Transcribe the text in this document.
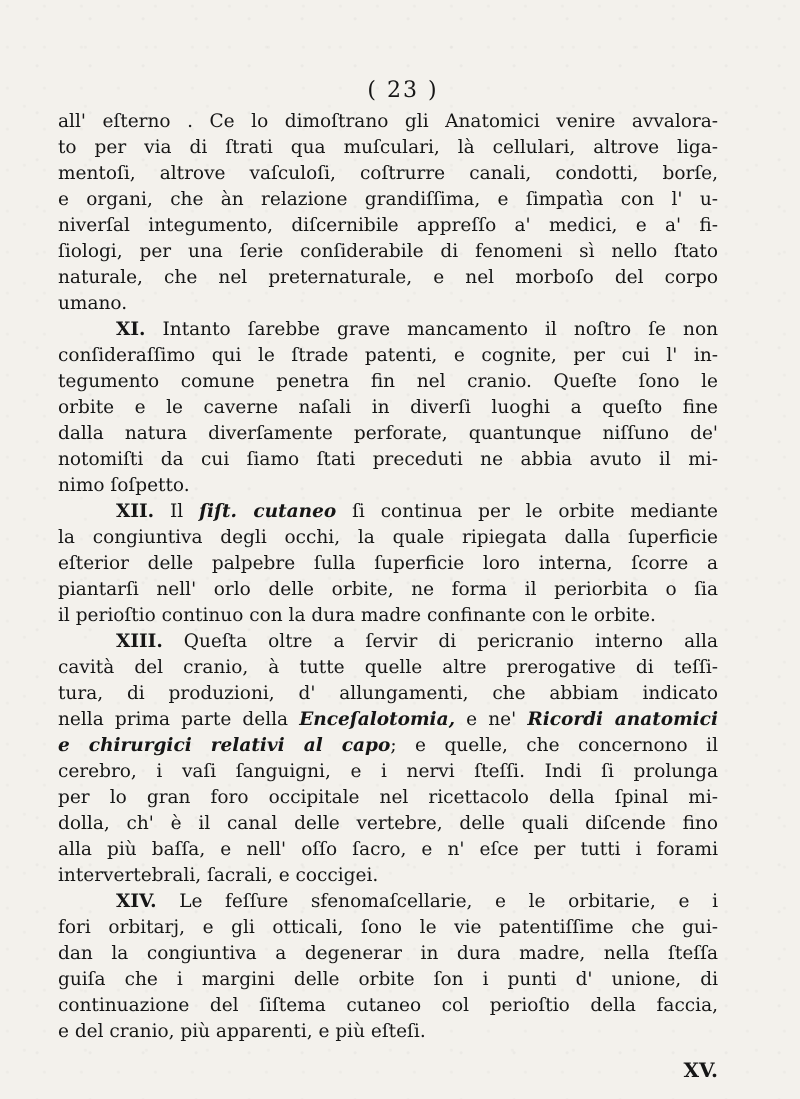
( 23 )
all' eſterno . Ce lo dimoſtrano gli Anatomici venire avvalora-
to per via di ſtrati qua muſculari, là cellulari, altrove liga-
mentoſi, altrove vaſculoſi, coſtrurre canali, condotti, borſe,
e organi, che àn relazione grandiſſima, e ſimpatìa con l' u-
niverſal integumento, diſcernibile appreſſo a' medici, e a' fi-
ſiologi, per una ſerie conſiderabile di fenomeni sì nello ſtato
naturale, che nel preternaturale, e nel morboſo del corpo
umano.
XI. Intanto ſarebbe grave mancamento il noſtro ſe non
conſideraſſimo qui le ſtrade patenti, e cognite, per cui l' in-
tegumento comune penetra fin nel cranio. Queſte ſono le
orbite e le caverne naſali in diverſi luoghi a queſto fine
dalla natura diverſamente perforate, quantunque niſſuno de'
notomiſti da cui ſiamo ſtati preceduti ne abbia avuto il mi-
nimo ſoſpetto.
XII. Il ſiſt. cutaneo ſi continua per le orbite mediante
la congiuntiva degli occhi, la quale ripiegata dalla ſuperficie
eſterior delle palpebre ſulla ſuperficie loro interna, ſcorre a
piantarſi nell' orlo delle orbite, ne forma il periorbita o ſia
il perioſtio continuo con la dura madre confinante con le orbite.
XIII. Queſta oltre a ſervir di pericranio interno alla
cavità del cranio, à tutte quelle altre prerogative di teſſi-
tura, di produzioni, d' allungamenti, che abbiam indicato
nella prima parte della Enceſalotomia, e ne' Ricordi anatomici
e chirurgici relativi al capo; e quelle, che concernono il
cerebro, i vaſi ſanguigni, e i nervi ſteſſi. Indi ſi prolunga
per lo gran foro occipitale nel ricettacolo della ſpinal mi-
dolla, ch' è il canal delle vertebre, delle quali diſcende fino
alla più baſſa, e nell' oſſo ſacro, e n' eſce per tutti i forami
intervertebrali, ſacrali, e coccigei.
XIV. Le feſſure sfenomaſcellarie, e le orbitarie, e i
fori orbitarj, e gli otticali, ſono le vie patentiſſime che gui-
dan la congiuntiva a degenerar in dura madre, nella ſteſſa
guiſa che i margini delle orbite ſon i punti d' unione, di
continuazione del ſiſtema cutaneo col perioſtio della faccia,
e del cranio, più apparenti, e più eſteſi.
XV.
